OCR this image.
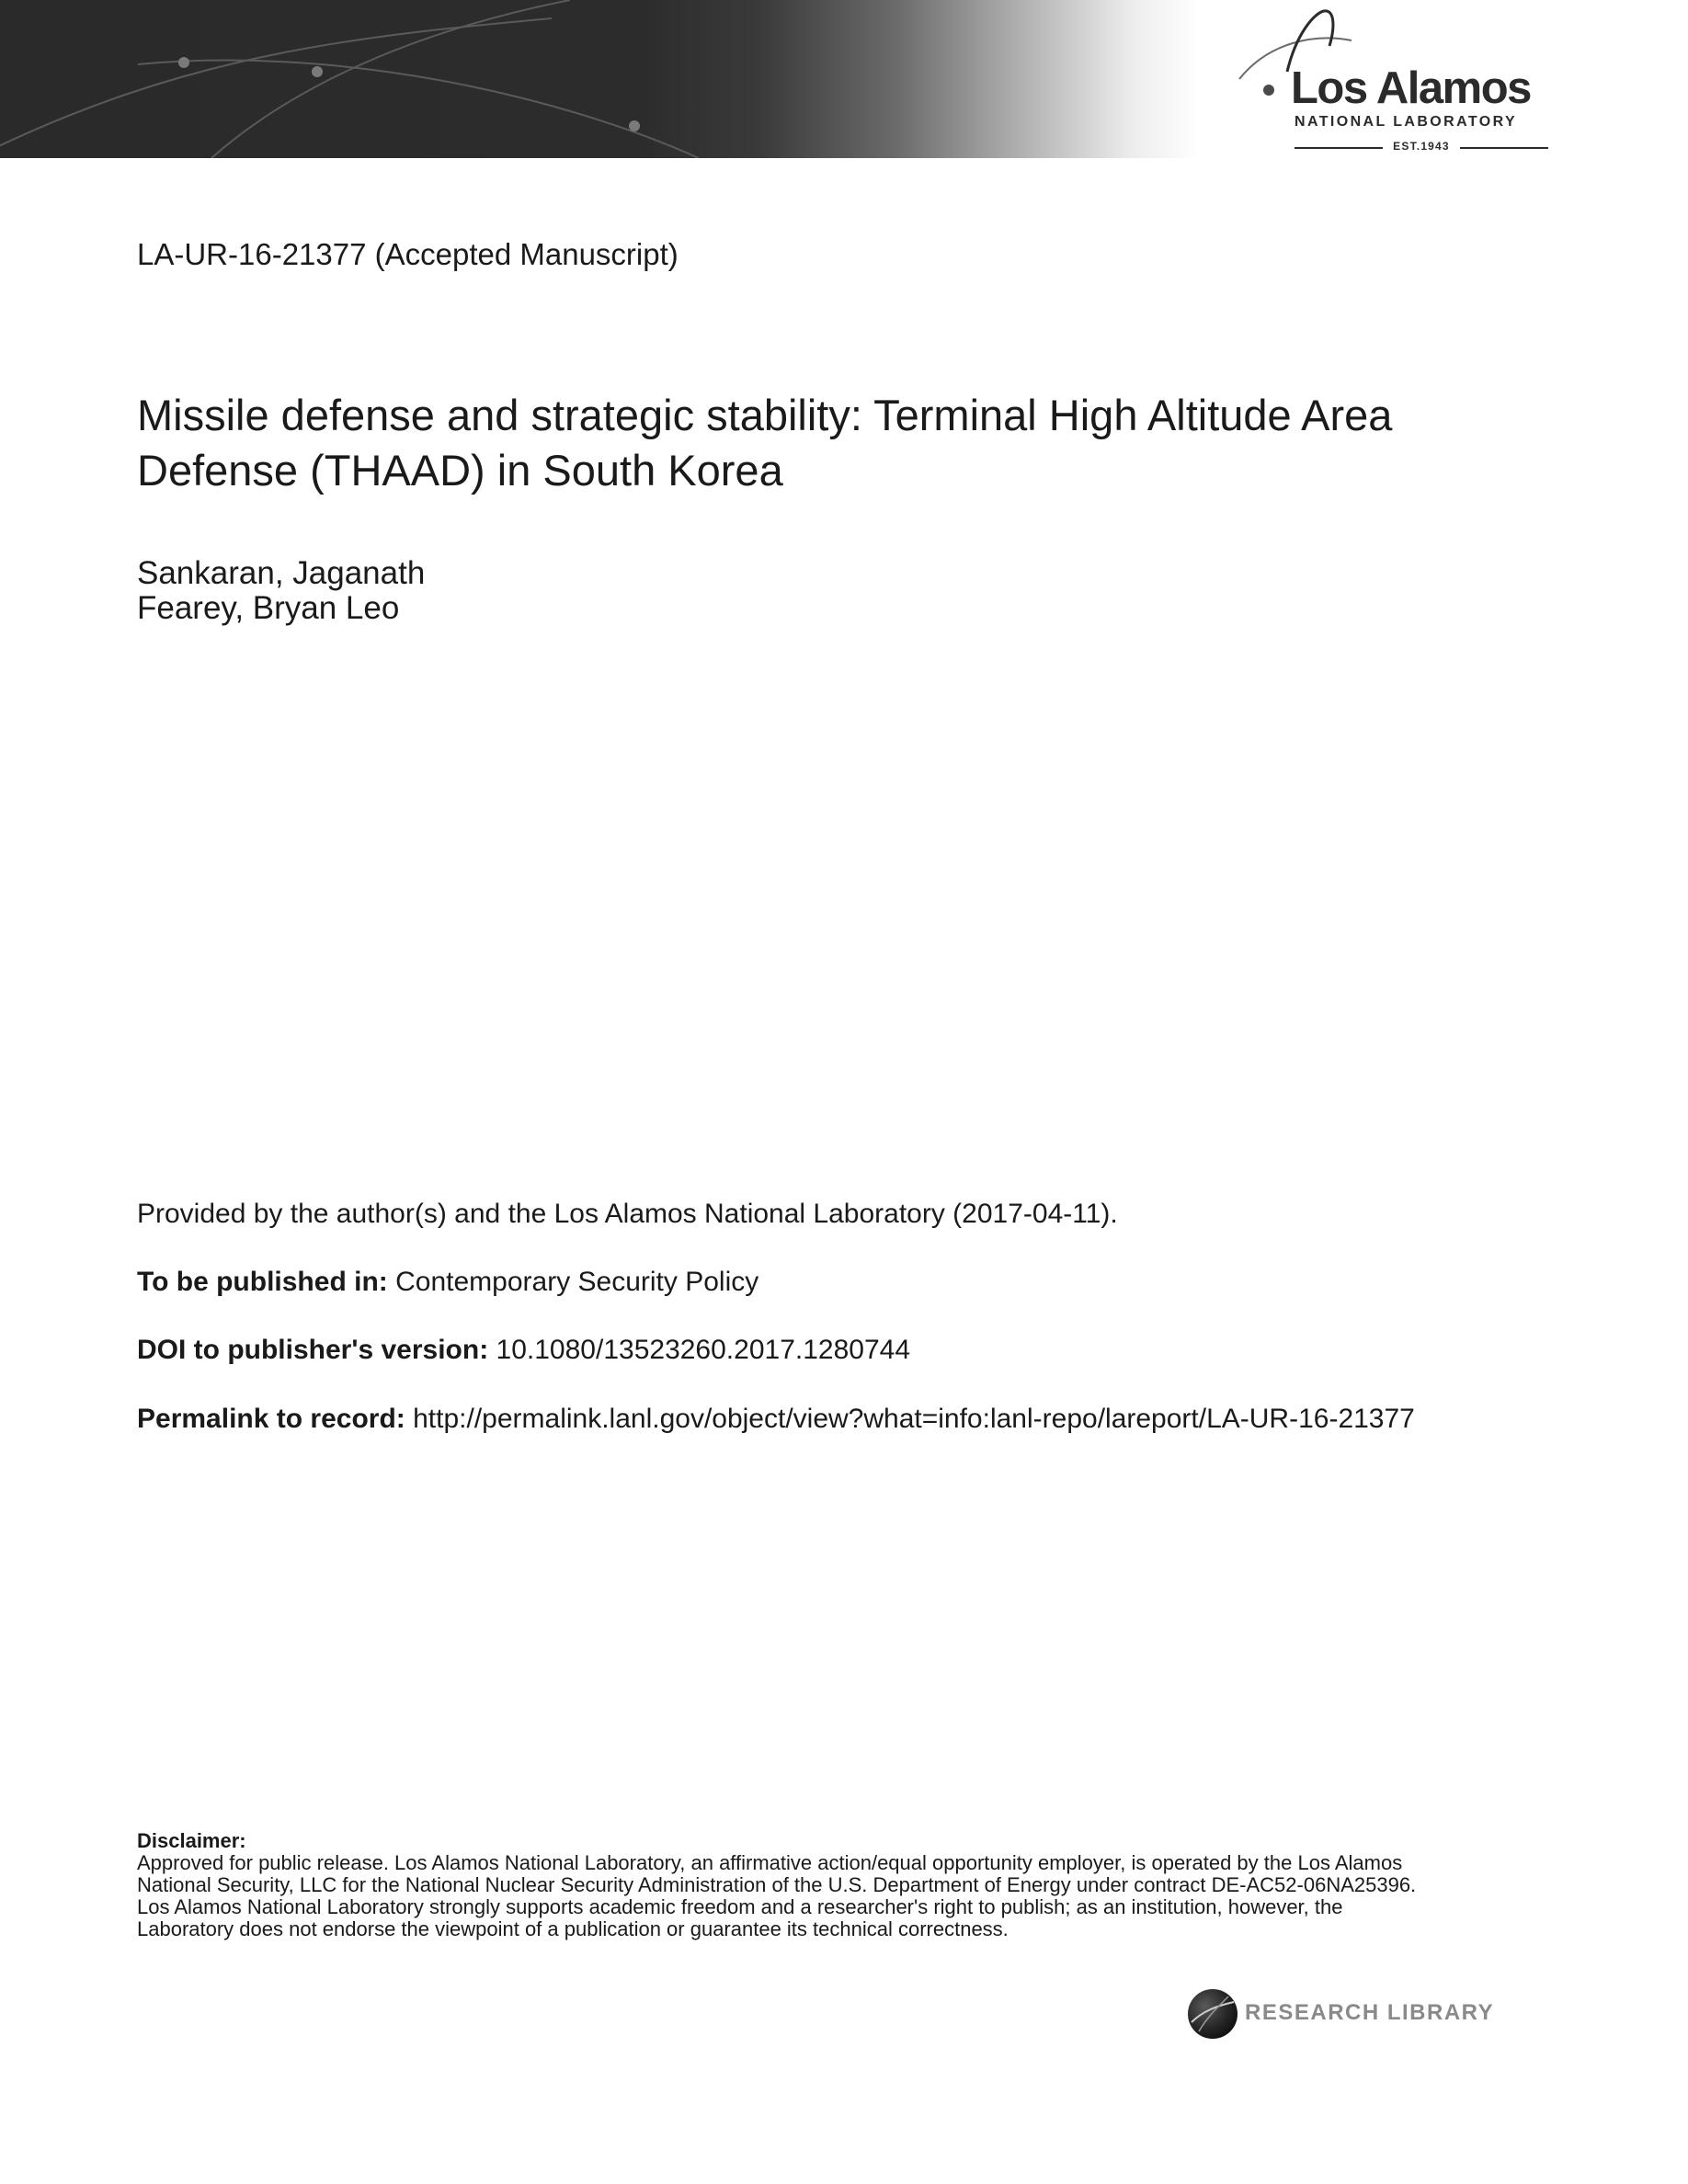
Los Alamos
NATIONAL LABORATORY
EST.1943
LA-UR-16-21377 (Accepted Manuscript)
Missile defense and strategic stability: Terminal High Altitude Area
Defense (THAAD) in South Korea
Sankaran, Jaganath
Fearey, Bryan Leo
Provided by the author(s) and the Los Alamos National Laboratory (2017-04-11).
To be published in: Contemporary Security Policy
DOI to publisher's version: 10.1080/13523260.2017.1280744
Permalink to record: http://permalink.lanl.gov/object/view?what=info:lanl-repo/lareport/LA-UR-16-21377
Disclaimer:
Approved for public release. Los Alamos National Laboratory, an affirmative action/equal opportunity employer, is operated by the Los Alamos
National Security, LLC for the National Nuclear Security Administration of the U.S. Department of Energy under contract DE-AC52-06NA25396.
Los Alamos National Laboratory strongly supports academic freedom and a researcher's right to publish; as an institution, however, the
Laboratory does not endorse the viewpoint of a publication or guarantee its technical correctness.
RESEARCH LIBRARY
